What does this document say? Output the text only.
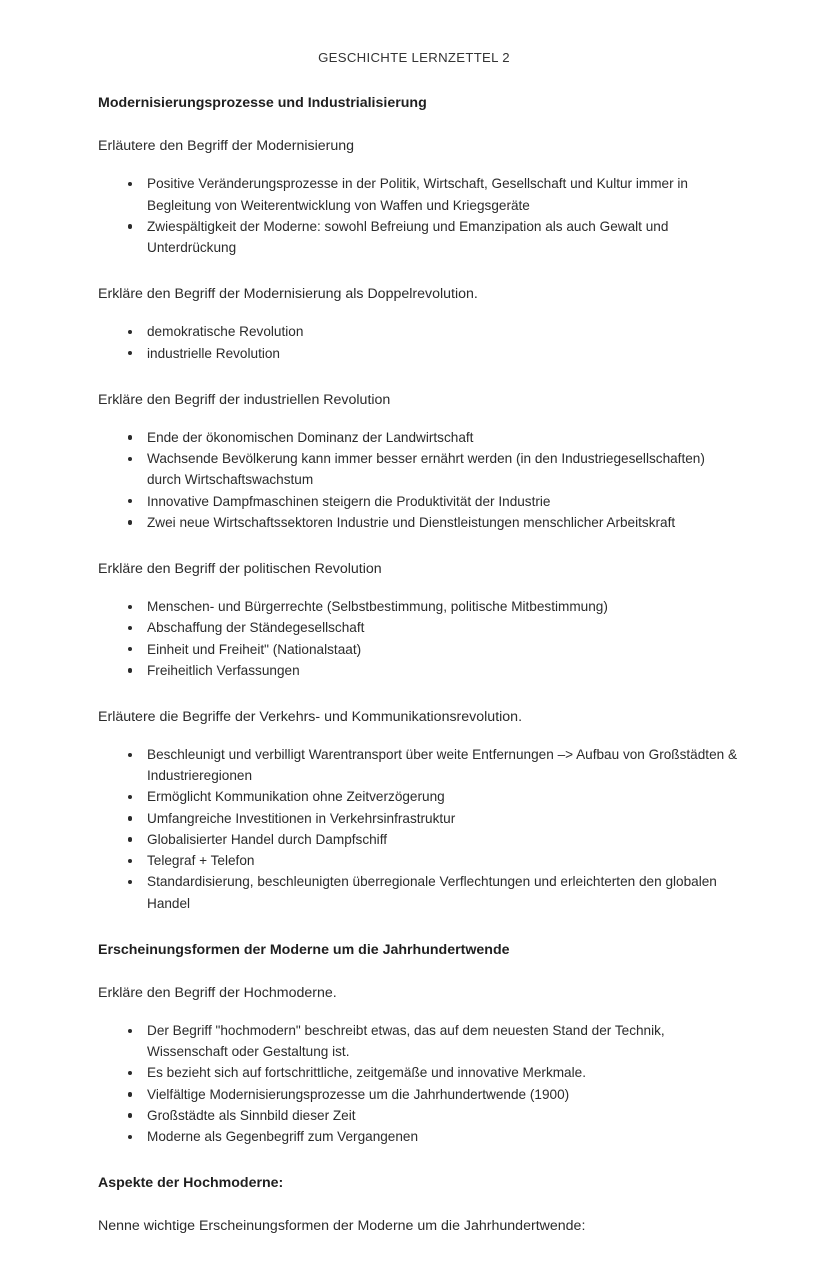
GESCHICHTE LERNZETTEL 2
Modernisierungsprozesse und Industrialisierung
Erläutere den Begriff der Modernisierung
Positive Veränderungsprozesse in der Politik, Wirtschaft, Gesellschaft und Kultur immer in Begleitung von Weiterentwicklung von Waffen und Kriegsgeräte
Zwiespältigkeit der Moderne: sowohl Befreiung und Emanzipation als auch Gewalt und Unterdrückung
Erkläre den Begriff der Modernisierung als Doppelrevolution.
demokratische Revolution
industrielle Revolution
Erkläre den Begriff der industriellen Revolution
Ende der ökonomischen Dominanz der Landwirtschaft
Wachsende Bevölkerung kann immer besser ernährt werden (in den Industriegesellschaften) durch Wirtschaftswachstum
Innovative Dampfmaschinen steigern die Produktivität der Industrie
Zwei neue Wirtschaftssektoren Industrie und Dienstleistungen menschlicher Arbeitskraft
Erkläre den Begriff der politischen Revolution
Menschen- und Bürgerrechte (Selbstbestimmung, politische Mitbestimmung)
Abschaffung der Ständegesellschaft
Einheit und Freiheit" (Nationalstaat)
Freiheitlich Verfassungen
Erläutere die Begriffe der Verkehrs- und Kommunikationsrevolution.
Beschleunigt und verbilligt Warentransport über weite Entfernungen –> Aufbau von Großstädten & Industrieregionen
Ermöglicht Kommunikation ohne Zeitverzögerung
Umfangreiche Investitionen in Verkehrsinfrastruktur
Globalisierter Handel durch Dampfschiff
Telegraf + Telefon
Standardisierung, beschleunigten überregionale Verflechtungen und erleichterten den globalen Handel
Erscheinungsformen der Moderne um die Jahrhundertwende
Erkläre den Begriff der Hochmoderne.
Der Begriff "hochmodern" beschreibt etwas, das auf dem neuesten Stand der Technik, Wissenschaft oder Gestaltung ist.
Es bezieht sich auf fortschrittliche, zeitgemäße und innovative Merkmale.
Vielfältige Modernisierungsprozesse um die Jahrhundertwende (1900)
Großstädte als Sinnbild dieser Zeit
Moderne als Gegenbegriff zum Vergangenen
Aspekte der Hochmoderne:
Nenne wichtige Erscheinungsformen der Moderne um die Jahrhundertwende:
